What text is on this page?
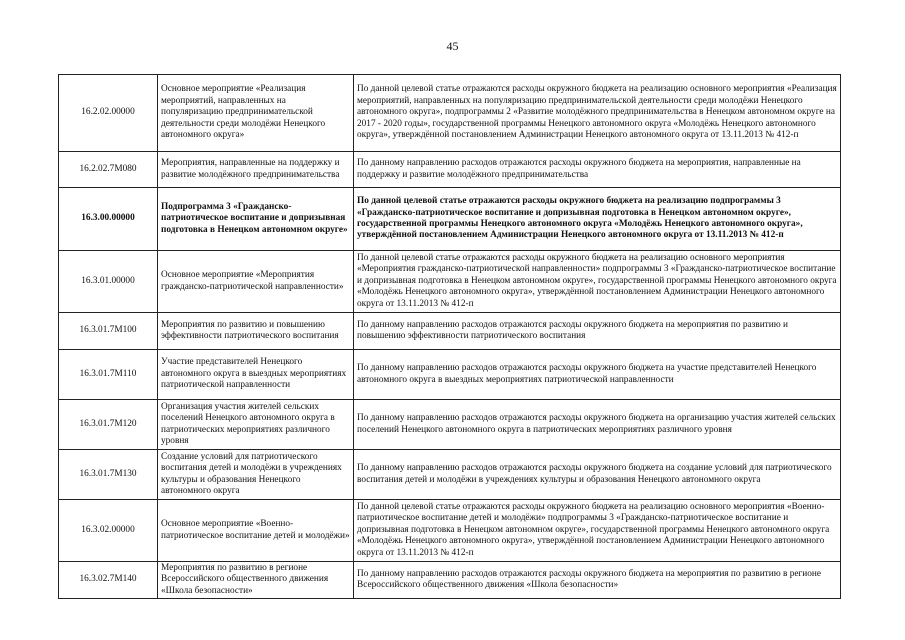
45
16.2.02.00000	Основное мероприятие «Реализация мероприятий, направленных на популяризацию предпринимательской деятельности среди молодёжи Ненецкого автономного округа»	По данной целевой статье отражаются расходы окружного бюджета на реализацию основного мероприятия «Реализация мероприятий, направленных на популяризацию предпринимательской деятельности среди молодёжи Ненецкого автономного округа», подпрограммы 2 «Развитие молодёжного предпринимательства в Ненецком автономном округе на 2017 - 2020 годы», государственной программы Ненецкого автономного округа «Молодёжь Ненецкого автономного округа», утверждённой постановлением Администрации Ненецкого автономного округа от 13.11.2013 № 412-п
16.2.02.7М080	Мероприятия, направленные на поддержку и развитие молодёжного предпринимательства	По данному направлению расходов отражаются расходы окружного бюджета на мероприятия, направленные на поддержку и развитие молодёжного предпринимательства
16.3.00.00000	Подпрограмма 3 «Гражданско-патриотическое воспитание и допризывная подготовка в Ненецком автономном округе»	По данной целевой статье отражаются расходы окружного бюджета на реализацию подпрограммы 3 «Гражданско-патриотическое воспитание и допризывная подготовка в Ненецком автономном округе», государственной программы Ненецкого автономного округа «Молодёжь Ненецкого автономного округа», утверждённой постановлением Администрации Ненецкого автономного округа от 13.11.2013 № 412-п
16.3.01.00000	Основное мероприятие «Мероприятия гражданско-патриотической направленности»	По данной целевой статье отражаются расходы окружного бюджета на реализацию основного мероприятия «Мероприятия гражданско-патриотической направленности» подпрограммы 3 «Гражданско-патриотическое воспитание и допризывная подготовка в Ненецком автономном округе», государственной программы Ненецкого автономного округа «Молодёжь Ненецкого автономного округа», утверждённой постановлением Администрации Ненецкого автономного округа от 13.11.2013 № 412-п
16.3.01.7М100	Мероприятия по развитию и повышению эффективности патриотического воспитания	По данному направлению расходов отражаются расходы окружного бюджета на мероприятия по развитию и повышению эффективности патриотического воспитания
16.3.01.7М110	Участие представителей Ненецкого автономного округа в выездных мероприятиях патриотической направленности	По данному направлению расходов отражаются расходы окружного бюджета на участие представителей Ненецкого автономного округа в выездных мероприятиях патриотической направленности
16.3.01.7М120	Организация участия жителей сельских поселений Ненецкого автономного округа в патриотических мероприятиях различного уровня	По данному направлению расходов отражаются расходы окружного бюджета на организацию участия жителей сельских поселений Ненецкого автономного округа в патриотических мероприятиях различного уровня
16.3.01.7М130	Создание условий для патриотического воспитания детей и молодёжи в учреждениях культуры и образования Ненецкого автономного округа	По данному направлению расходов отражаются расходы окружного бюджета на создание условий для патриотического воспитания детей и молодёжи в учреждениях культуры и образования Ненецкого автономного округа
16.3.02.00000	Основное мероприятие «Военно-патриотическое воспитание детей и молодёжи»	По данной целевой статье отражаются расходы окружного бюджета на реализацию основного мероприятия «Военно-патриотическое воспитание детей и молодёжи» подпрограммы 3 «Гражданско-патриотическое воспитание и допризывная подготовка в Ненецком автономном округе», государственной программы Ненецкого автономного округа «Молодёжь Ненецкого автономного округа», утверждённой постановлением Администрации Ненецкого автономного округа от 13.11.2013 № 412-п
16.3.02.7М140	Мероприятия по развитию в регионе Всероссийского общественного движения «Школа безопасности»	По данному направлению расходов отражаются расходы окружного бюджета на мероприятия по развитию в регионе Всероссийского общественного движения «Школа безопасности»
